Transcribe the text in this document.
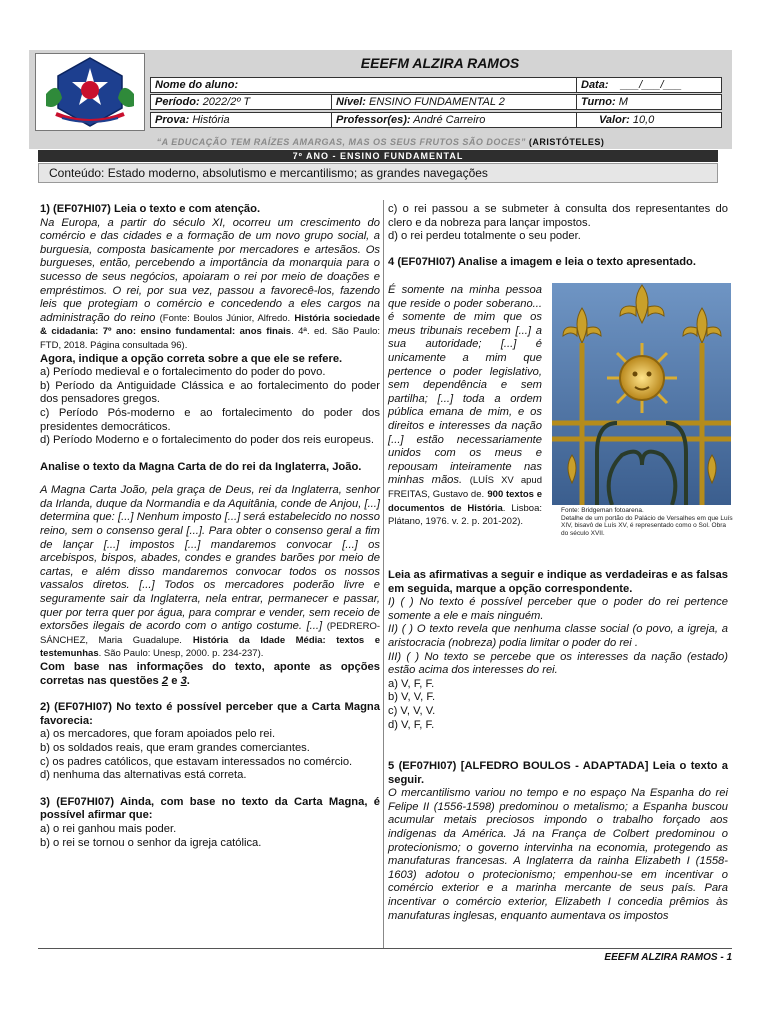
EEEFM ALZIRA RAMOS
Nome do aluno:	Data: ___/___/___
Período: 2022/2º T	Nível: ENSINO FUNDAMENTAL 2	Turno: M
Prova: História	Professor(es): André Carreiro	Valor: 10,0
“A EDUCAÇÃO TEM RAÍZES AMARGAS, MAS OS SEUS FRUTOS SÃO DOCES” (ARISTÓTELES)
7º ANO - ENSINO FUNDAMENTAL
Conteúdo: Estado moderno, absolutismo e mercantilismo; as grandes navegações

1) (EF07HI07) Leia o texto e com atenção.

Na Europa, a partir do século XI, ocorreu um crescimento do comércio e das cidades e a formação de um novo grupo social, a burguesia, composta basicamente por mercadores e artesãos. Os burgueses, então, percebendo a importância da monarquia para o sucesso de seus negócios, apoiaram o rei por meio de doações e empréstimos. O rei, por sua vez, passou a favorecê-los, fazendo leis que protegiam o comércio e concedendo a eles cargos na administração do reino (Fonte: Boulos Júnior, Alfredo. História sociedade & cidadania: 7º ano: ensino fundamental: anos finais. 4ª. ed. São Paulo: FTD, 2018. Página consultada 96).

Agora, indique a opção correta sobre a que ele se refere.

a) Período medieval e o fortalecimento do poder do povo.

b) Período da Antiguidade Clássica e ao fortalecimento do poder dos pensadores gregos.

c) Período Pós-moderno e ao fortalecimento do poder dos presidentes democráticos.

d) Período Moderno e o fortalecimento do poder dos reis europeus.

Analise o texto da Magna Carta de do rei da Inglaterra, João.

A Magna Carta João, pela graça de Deus, rei da Inglaterra, senhor da Irlanda, duque da Normandia e da Aquitânia, conde de Anjou, [...] determina que: [...] Nenhum imposto [...] será estabelecido no nosso reino, sem o consenso geral [...]. Para obter o consenso geral a fim de lançar [...] impostos [...] mandaremos convocar [...] os arcebispos, bispos, abades, condes e grandes barões por meio de cartas, e além disso mandaremos convocar todos os nossos vassalos diretos. [...] Todos os mercadores poderão livre e seguramente sair da Inglaterra, nela entrar, permanecer e passar, quer por terra quer por água, para comprar e vender, sem receio de extorsões ilegais de acordo com o antigo costume. [...] (PEDRERO-SÁNCHEZ, Maria Guadalupe. História da Idade Média: textos e testemunhas. São Paulo: Unesp, 2000. p. 234-237).

Com base nas informações do texto, aponte as opções corretas nas questões 2 e 3.

2) (EF07HI07) No texto é possível perceber que a Carta Magna favorecia:

a) os mercadores, que foram apoiados pelo rei.

b) os soldados reais, que eram grandes comerciantes.

c) os padres católicos, que estavam interessados no comércio.

d) nenhuma das alternativas está correta.

3) (EF07HI07) Ainda, com base no texto da Carta Magna, é possível afirmar que:

a) o rei ganhou mais poder.

b) o rei se tornou o senhor da igreja católica.

c) o rei passou a se submeter à consulta dos representantes do clero e da nobreza para lançar impostos.

d) o rei perdeu totalmente o seu poder.

4 (EF07HI07) Analise a imagem e leia o texto apresentado.

É somente na minha pessoa que reside o poder soberano... é somente de mim que os meus tribunais recebem [...] a sua autoridade; [...] é unicamente a mim que pertence o poder legislativo, sem dependência e sem partilha; [...] toda a ordem pública emana de mim, e os direitos e interesses da nação [...] estão necessariamente unidos com os meus e repousam inteiramente nas minhas mãos. (LUÍS XV apud FREITAS, Gustavo de. 900 textos e documentos de História. Lisboa: Plátano, 1976. v. 2. p. 201-202).

Fonte: Bridgeman fotoarena.
Detalhe de um portão do Palácio de Versalhes em que Luís XIV, bisavô de Luís XV, é representado como o Sol. Obra do século XVII.

Leia as afirmativas a seguir e indique as verdadeiras e as falsas em seguida, marque a opção correspondente.

I) ( ) No texto é possível perceber que o poder do rei pertence somente a ele e mais ninguém.

II) ( ) O texto revela que nenhuma classe social (o povo, a igreja, a aristocracia (nobreza) podia limitar o poder do rei .

III) ( ) No texto se percebe que os interesses da nação (estado) estão acima dos interesses do rei.

a) V, F, F.

b) V, V, F.

c) V, V, V.

d) V, F, F.

5 (EF07HI07) [ALFEDRO BOULOS - ADAPTADA] Leia o texto a seguir.

O mercantilismo variou no tempo e no espaço Na Espanha do rei Felipe II (1556-1598) predominou o metalismo; a Espanha buscou acumular metais preciosos impondo o trabalho forçado aos indígenas da América. Já na França de Colbert predominou o protecionismo; o governo intervinha na economia, protegendo as manufaturas francesas. A Inglaterra da rainha Elizabeth I (1558-1603) adotou o protecionismo; empenhou-se em incentivar o comércio exterior e a marinha mercante de seus país. Para incentivar o comércio exterior, Elizabeth I concedia prêmios às manufaturas inglesas, enquanto aumentava os impostos

EEEFM ALZIRA RAMOS - 1
